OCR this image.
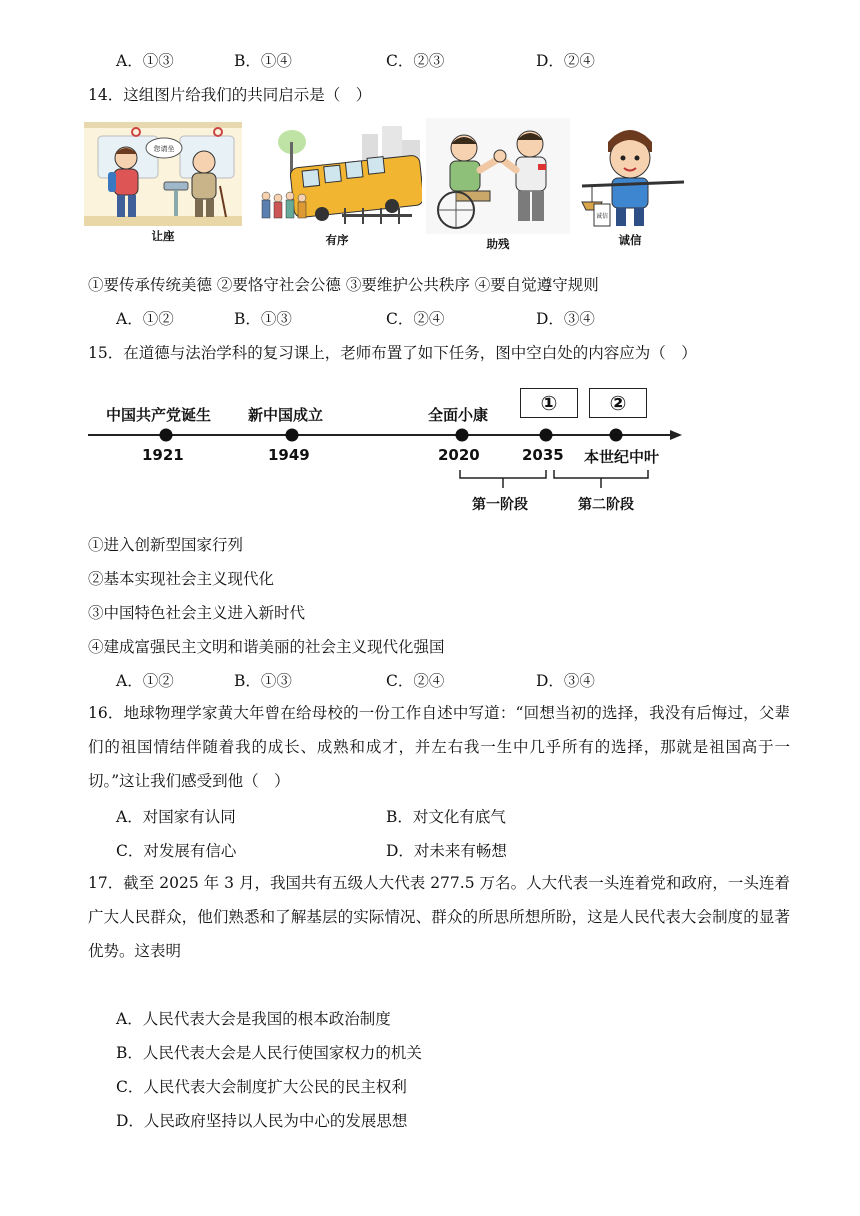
A．①③	B．①④	C．②③	D．②④
14．这组图片给我们的共同启示是（　）
您请坐
让座	有序	助残
诚信
诚信
①要传承传统美德 ②要恪守社会公德 ③要维护公共秩序 ④要自觉遵守规则
A．①②	B．①③	C．②④	D．③④
15．在道德与法治学科的复习课上，老师布置了如下任务，图中空白处的内容应为（　）
中国共产党诞生 新中国成立	全面小康	①	②
1921	1949	2020	2035 本世纪中叶
第一阶段	第二阶段
①进入创新型国家行列
②基本实现社会主义现代化
③中国特色社会主义进入新时代
④建成富强民主文明和谐美丽的社会主义现代化强国
A．①②	B．①③	C．②④	D．③④
16．地球物理学家黄大年曾在给母校的一份工作自述中写道：“回想当初的选择，我没有后悔过，父辈们的祖国情结伴随着我的成长、成熟和成才，并左右我一生中几乎所有的选择，那就是祖国高于一切。”这让我们感受到他（　）
A．对国家有认同	B．对文化有底气
C．对发展有信心	D．对未来有畅想
17．截至 2025 年 3 月，我国共有五级人大代表 277.5 万名。人大代表一头连着党和政府，一头连着广大人民群众，他们熟悉和了解基层的实际情况、群众的所思所想所盼，这是人民代表大会制度的显著优势。这表明
A．人民代表大会是我国的根本政治制度
B．人民代表大会是人民行使国家权力的机关
C．人民代表大会制度扩大公民的民主权利
D．人民政府坚持以人民为中心的发展思想
